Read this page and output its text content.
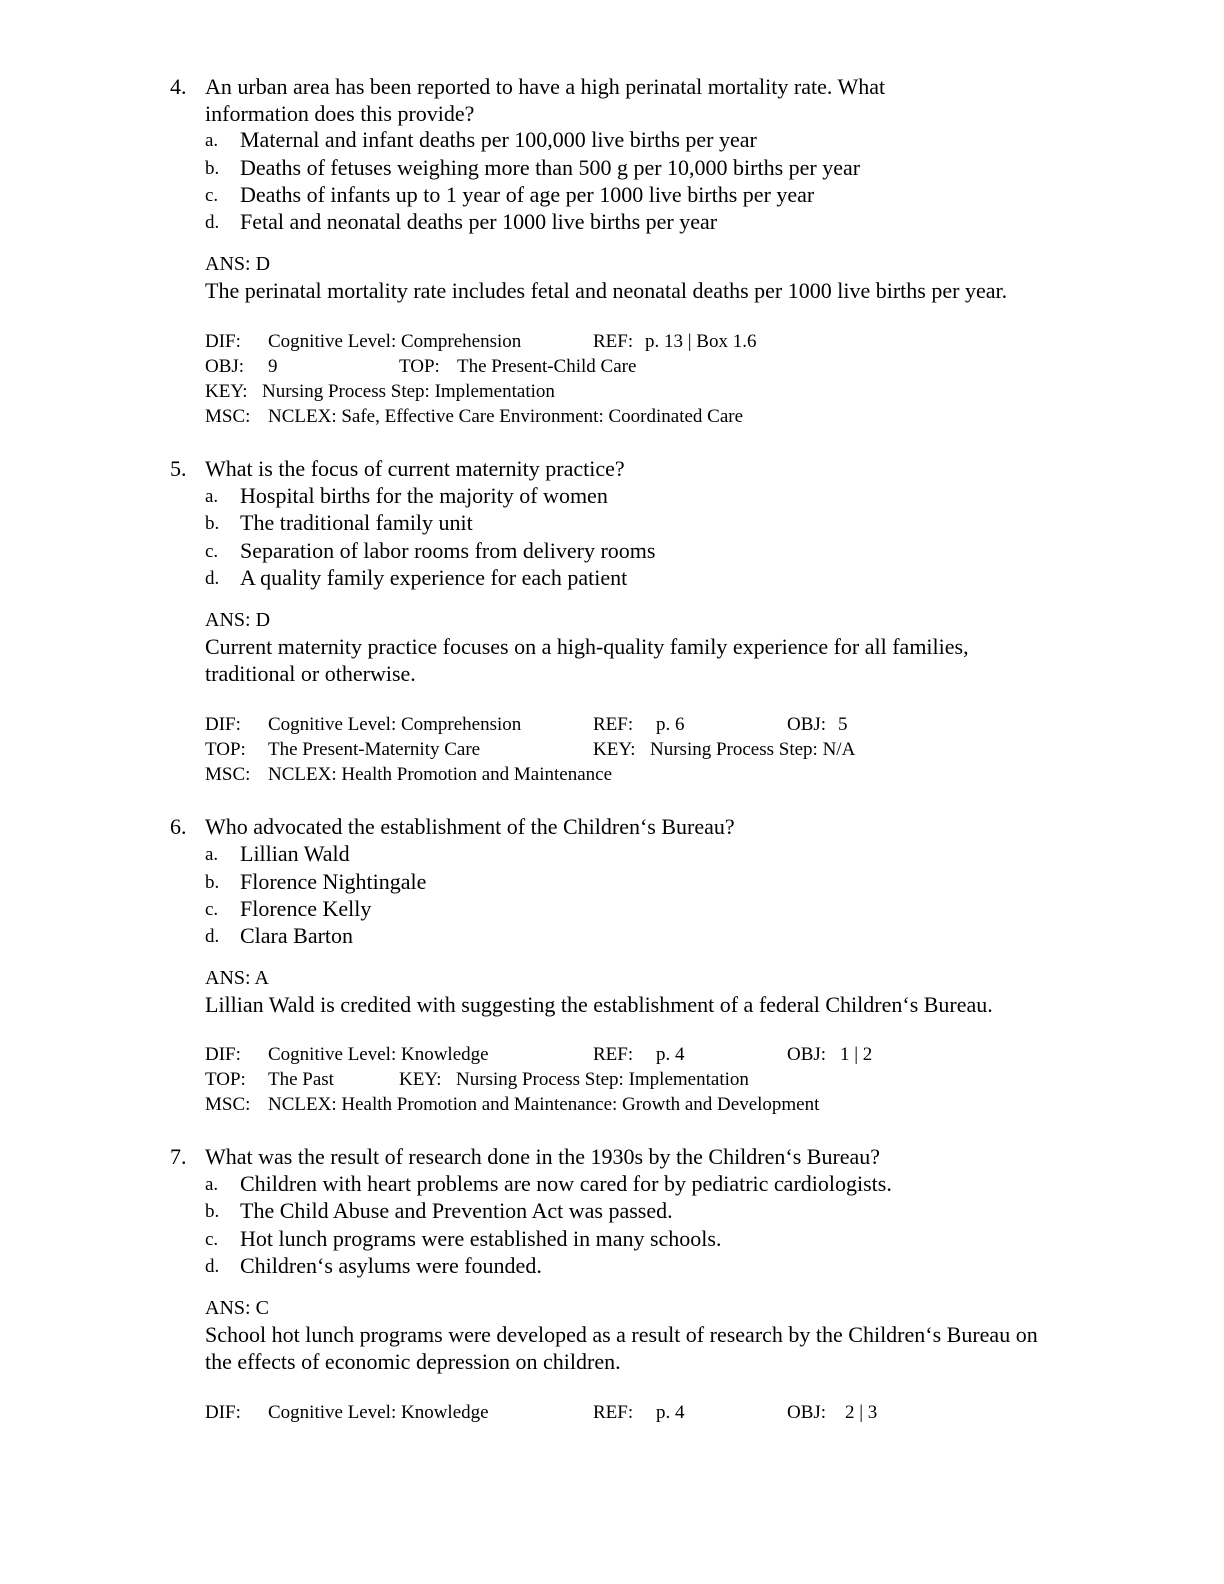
4. An urban area has been reported to have a high perinatal mortality rate. What
information does this provide?
a. Maternal and infant deaths per 100,000 live births per year
b. Deaths of fetuses weighing more than 500 g per 10,000 births per year
c. Deaths of infants up to 1 year of age per 1000 live births per year
d. Fetal and neonatal deaths per 1000 live births per year
ANS: D
The perinatal mortality rate includes fetal and neonatal deaths per 1000 live births per year.
DIF: Cognitive Level: Comprehension	REF: p. 13 | Box 1.6
OBJ: 9	TOP: The Present-Child Care
KEY: Nursing Process Step: Implementation
MSC: NCLEX: Safe, Effective Care Environment: Coordinated Care
5. What is the focus of current maternity practice?
a. Hospital births for the majority of women
b. The traditional family unit
c. Separation of labor rooms from delivery rooms
d. A quality family experience for each patient
ANS: D
Current maternity practice focuses on a high-quality family experience for all families,
traditional or otherwise.
DIF: Cognitive Level: Comprehension	REF: p. 6	OBJ: 5
TOP: The Present-Maternity Care	KEY: Nursing Process Step: N/A
MSC: NCLEX: Health Promotion and Maintenance
6. Who advocated the establishment of the Children‘s Bureau?
a. Lillian Wald
b. Florence Nightingale
c. Florence Kelly
d. Clara Barton
ANS: A
Lillian Wald is credited with suggesting the establishment of a federal Children‘s Bureau.
DIF: Cognitive Level: Knowledge	REF: p. 4	OBJ: 1 | 2
TOP: The Past	KEY: Nursing Process Step: Implementation
MSC: NCLEX: Health Promotion and Maintenance: Growth and Development
7. What was the result of research done in the 1930s by the Children‘s Bureau?
a. Children with heart problems are now cared for by pediatric cardiologists.
b. The Child Abuse and Prevention Act was passed.
c. Hot lunch programs were established in many schools.
d. Children‘s asylums were founded.
ANS: C
School hot lunch programs were developed as a result of research by the Children‘s Bureau on
the effects of economic depression on children.
DIF: Cognitive Level: Knowledge	REF: p. 4	OBJ: 2 | 3
